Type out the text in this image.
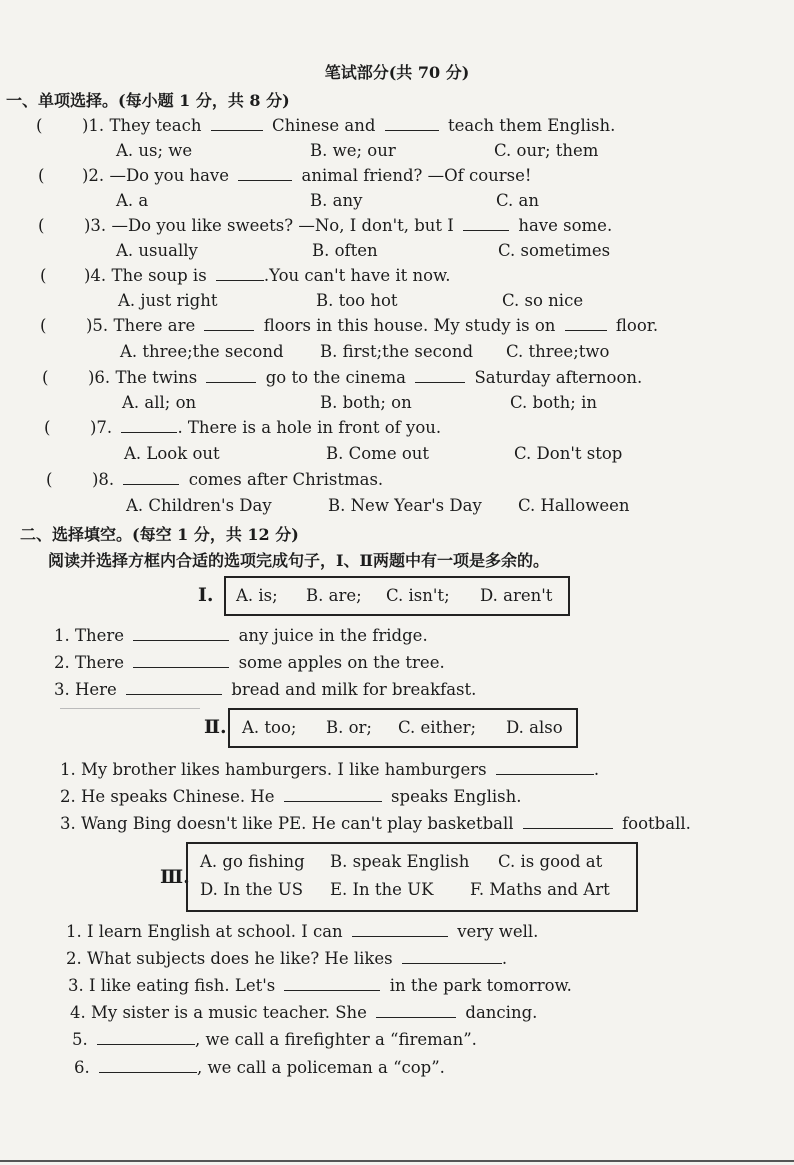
笔试部分(共 70 分)
一、单项选择。(每小题 1 分，共 8 分)
( )1. They teach	Chinese and	teach them English.
A. us; we	B. we; our	C. our; them
( )2. —Do you have	animal friend? —Of course!
A. a	B. any	C. an
( )3. —Do you like sweets? —No, I don't, but I	have some.
A. usually	B. often	C. sometimes
( )4. The soup is	.You can't have it now.
A. just right	B. too hot	C. so nice
( )5. There are	floors in this house. My study is on	floor.
A. three;the second B. first;the second C. three;two
( )6. The twins	go to the cinema	Saturday afternoon.
A. all; on	B. both; on	C. both; in
( )7.	. There is a hole in front of you.
A. Look out	B. Come out	C. Don't stop
( )8.	comes after Christmas.
A. Children's Day	B. New Year's Day C. Halloween
二、选择填空。(每空 1 分，共 12 分)
阅读并选择方框内合适的选项完成句子，Ⅰ、Ⅱ两题中有一项是多余的。
Ⅰ. A. is; B. are; C. isn't; D. aren't
1. There	any juice in the fridge.
2. There	some apples on the tree.
3. Here	bread and milk for breakfast.
Ⅱ. A. too; B. or; C. either; D. also
1. My brother likes hamburgers. I like hamburgers	.
2. He speaks Chinese. He	speaks English.
3. Wang Bing doesn't like PE. He can't play basketball	football.
Ⅲ.
A. go fishing B. speak English C. is good at
D. In the US E. In the UK F. Maths and Art
1. I learn English at school. I can	very well.
2. What subjects does he like? He likes	.
3. I like eating fish. Let's	in the park tomorrow.
4. My sister is a music teacher. She	dancing.
5.	, we call a firefighter a “fireman”.
6.	, we call a policeman a “cop”.
